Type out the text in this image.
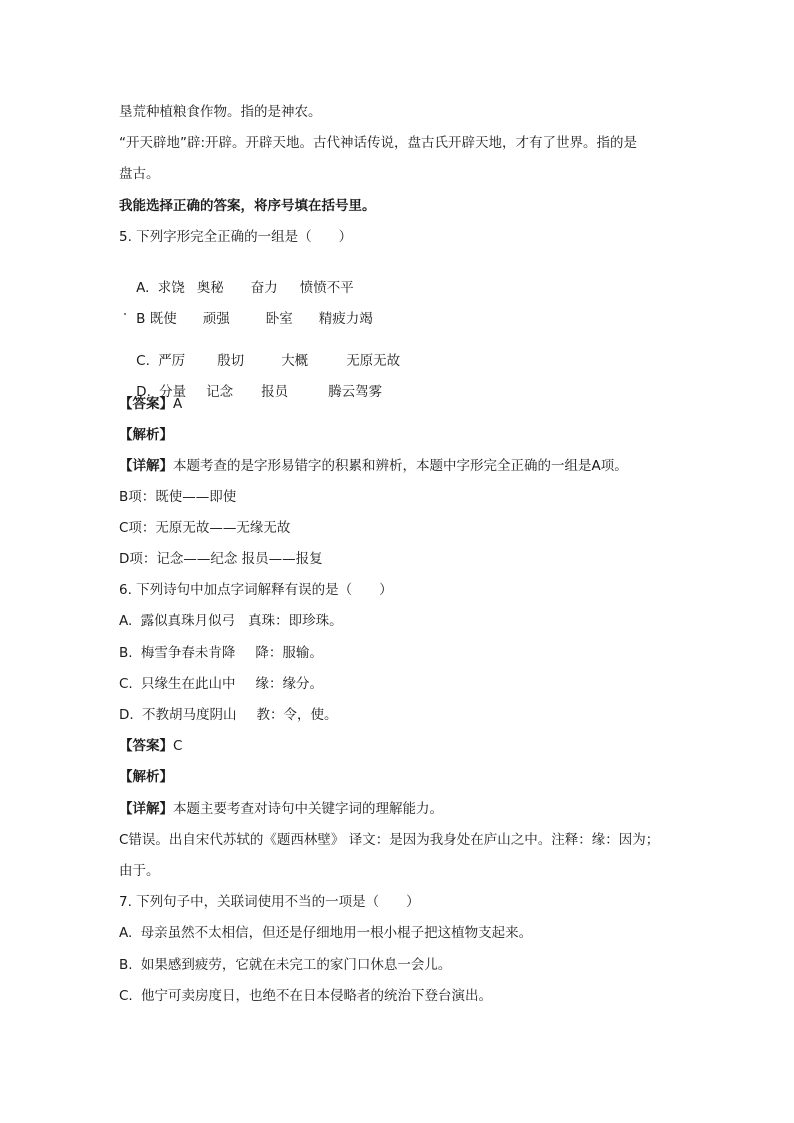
垦荒种植粮食作物。指的是神农。
“开天辟地”辟:开辟。开辟天地。古代神话传说，盘古氏开辟天地，才有了世界。指的是
盘古。
我能选择正确的答案，将序号填在括号里。
5. 下列字形完全正确的一组是（　　）

A. 求饶 奥秘 奋力 愤愤不平

B 既使 顽强	卧室 精疲力竭

C. 严厉 殷切	大概	无原无故

D. 分量 记念 报员	腾云驾雾

【答案】A
【解析】
【详解】本题考查的是字形易错字的积累和辨析，本题中字形完全正确的一组是A项。
B项：既使——即使
C项：无原无故——无缘无故
D项：记念——纪念 报员——报复
6. 下列诗句中加点字词解释有误的是（　　）
A. 露似真珠月似弓 真珠：即珍珠。
B. 梅雪争春未肯降 降：服输。
C. 只缘生在此山中 缘：缘分。
D. 不教胡马度阴山 教：令，使。
【答案】C
【解析】
【详解】本题主要考查对诗句中关键字词的理解能力。
C错误。出自宋代苏轼的《题西林壁》 译文：是因为我身处在庐山之中。注释：缘：因为；
由于。
7. 下列句子中，关联词使用不当的一项是（　　）
A. 母亲虽然不太相信，但还是仔细地用一根小棍子把这植物支起来。
B. 如果感到疲劳，它就在未完工的家门口休息一会儿。
C. 他宁可卖房度日，也绝不在日本侵略者的统治下登台演出。
